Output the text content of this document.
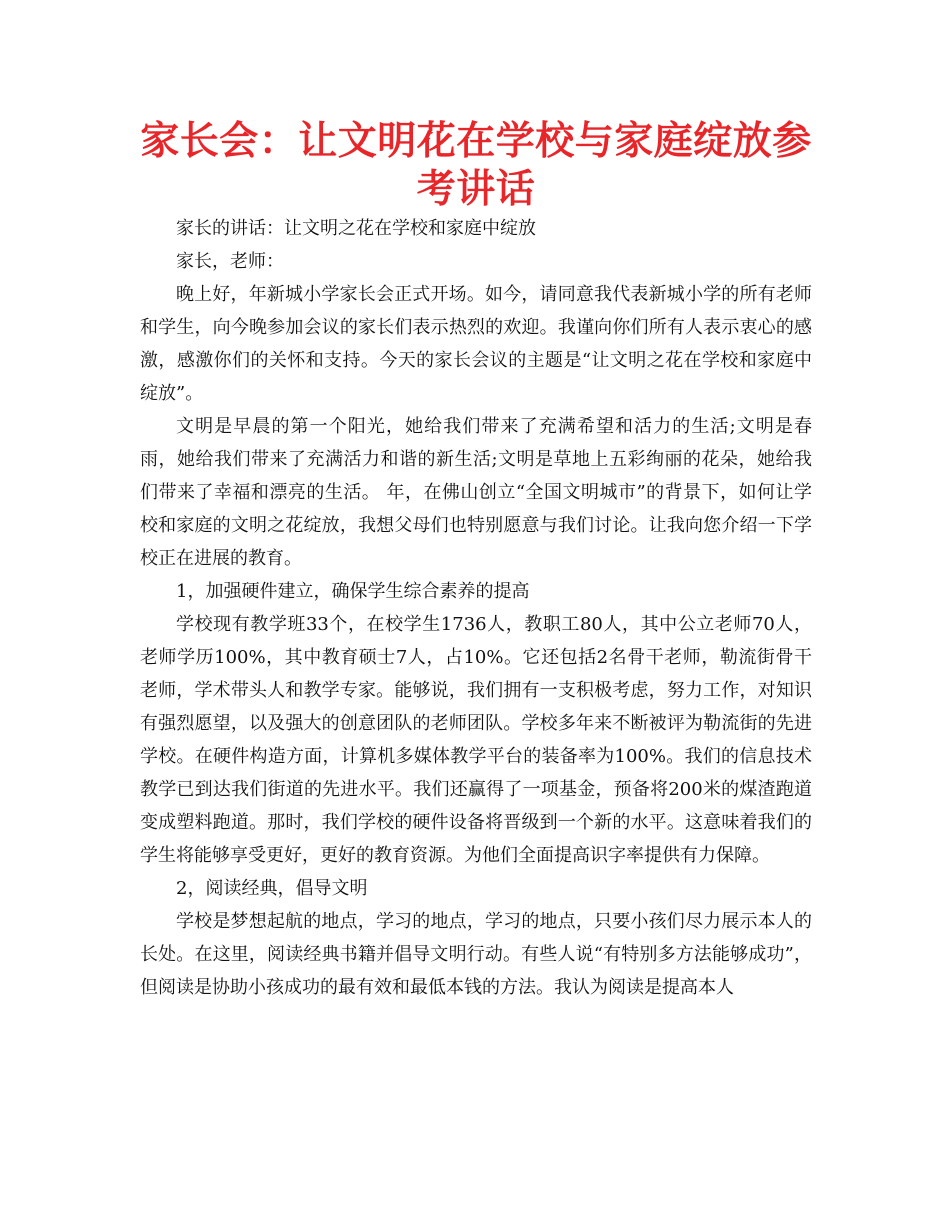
家长会：让文明花在学校与家庭绽放参考讲话

家长的讲话：让文明之花在学校和家庭中绽放

家长，老师：

晚上好，年新城小学家长会正式开场。如今，请同意我代表新城小学的所有老师和学生，向今晚参加会议的家长们表示热烈的欢迎。我谨向你们所有人表示衷心的感激，感激你们的关怀和支持。今天的家长会议的主题是“让文明之花在学校和家庭中绽放”。

文明是早晨的第一个阳光，她给我们带来了充满希望和活力的生活;文明是春雨，她给我们带来了充满活力和谐的新生活;文明是草地上五彩绚丽的花朵，她给我们带来了幸福和漂亮的生活。 年，在佛山创立“全国文明城市”的背景下，如何让学校和家庭的文明之花绽放，我想父母们也特别愿意与我们讨论。让我向您介绍一下学校正在进展的教育。

1，加强硬件建立，确保学生综合素养的提高

学校现有教学班33个，在校学生1736人，教职工80人，其中公立老师70人，老师学历100%，其中教育硕士7人，占10%。它还包括2名骨干老师，勒流街骨干老师，学术带头人和教学专家。能够说，我们拥有一支积极考虑，努力工作，对知识有强烈愿望，以及强大的创意团队的老师团队。学校多年来不断被评为勒流街的先进学校。在硬件构造方面，计算机多媒体教学平台的装备率为100%。我们的信息技术教学已到达我们街道的先进水平。我们还赢得了一项基金，预备将200米的煤渣跑道变成塑料跑道。那时，我们学校的硬件设备将晋级到一个新的水平。这意味着我们的学生将能够享受更好，更好的教育资源。为他们全面提高识字率提供有力保障。

2，阅读经典，倡导文明

学校是梦想起航的地点，学习的地点，学习的地点，只要小孩们尽力展示本人的长处。在这里，阅读经典书籍并倡导文明行动。有些人说“有特别多方法能够成功”，但阅读是协助小孩成功的最有效和最低本钱的方法。我认为阅读是提高本人
